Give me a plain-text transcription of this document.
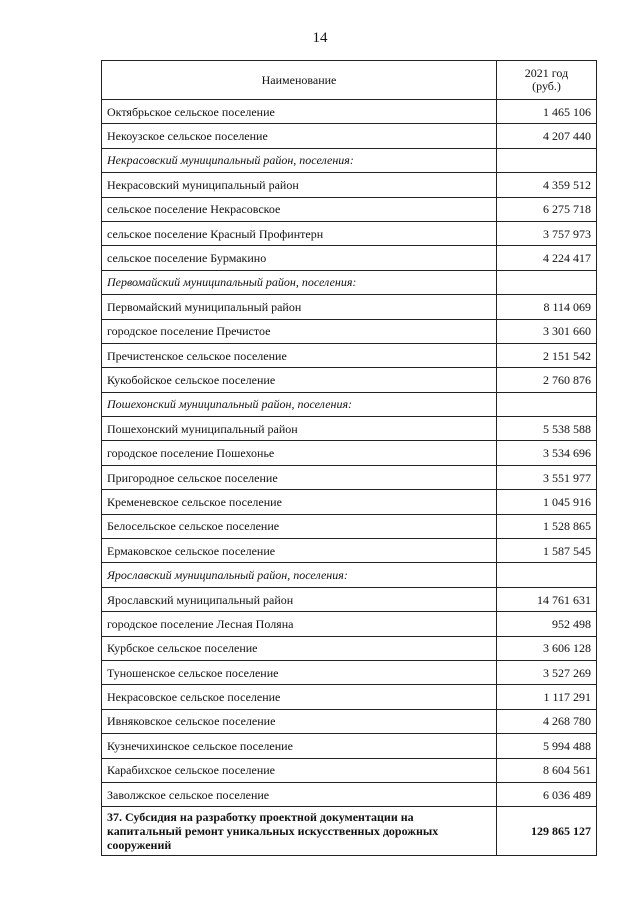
14
Наименование	2021 год
(руб.)
Октябрьское сельское поселение	1 465 106
Некоузское сельское поселение	4 207 440
Некрасовский муниципальный район, поселения:	
Некрасовский муниципальный район	4 359 512
сельское поселение Некрасовское	6 275 718
сельское поселение Красный Профинтерн	3 757 973
сельское поселение Бурмакино	4 224 417
Первомайский муниципальный район, поселения:	
Первомайский муниципальный район	8 114 069
городское поселение Пречистое	3 301 660
Пречистенское сельское поселение	2 151 542
Кукобойское сельское поселение	2 760 876
Пошехонский муниципальный район, поселения:	
Пошехонский муниципальный район	5 538 588
городское поселение Пошехонье	3 534 696
Пригородное сельское поселение	3 551 977
Кременевское сельское поселение	1 045 916
Белосельское сельское поселение	1 528 865
Ермаковское сельское поселение	1 587 545
Ярославский муниципальный район, поселения:	
Ярославский муниципальный район	14 761 631
городское поселение Лесная Поляна	952 498
Курбское сельское поселение	3 606 128
Туношенское сельское поселение	3 527 269
Некрасовское сельское поселение	1 117 291
Ивняковское сельское поселение	4 268 780
Кузнечихинское сельское поселение	5 994 488
Карабихское сельское поселение	8 604 561
Заволжское сельское поселение	6 036 489
37. Субсидия на разработку проектной документации на капитальный ремонт уникальных искусственных дорожных сооружений	129 865 127
